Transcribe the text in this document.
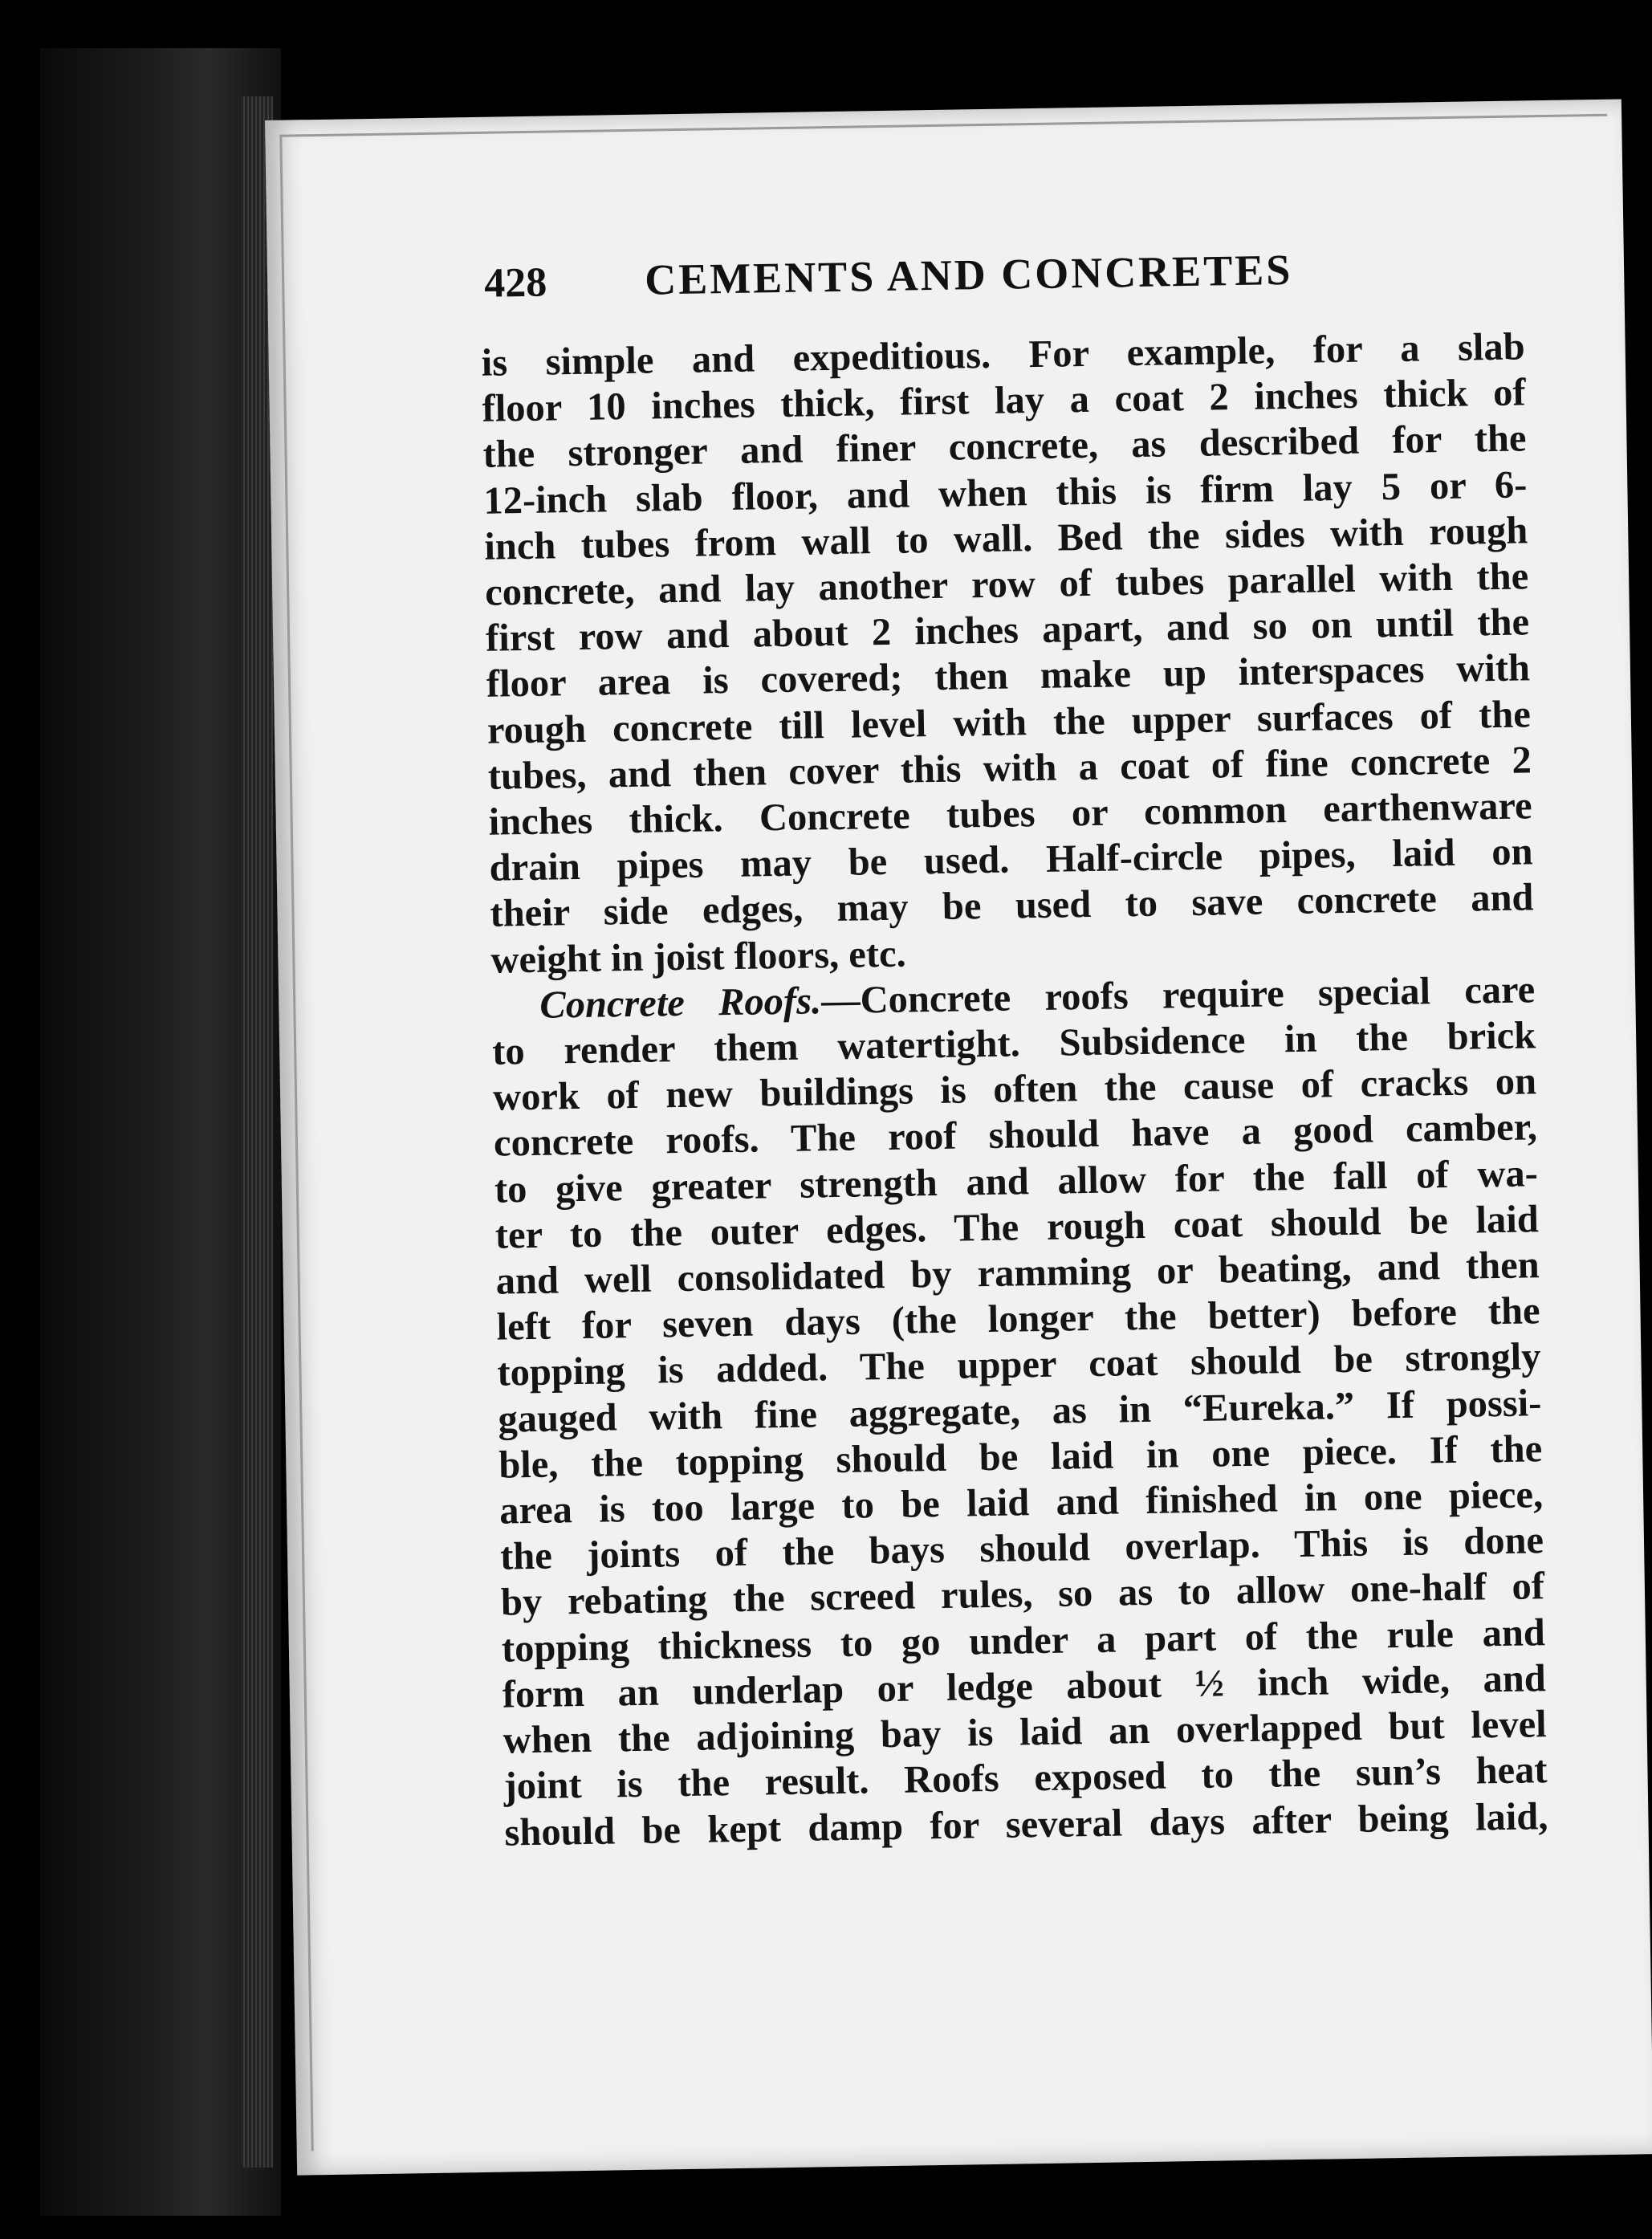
428	CEMENTS AND CONCRETES
is simple and expeditious. For example, for a slab
floor 10 inches thick, first lay a coat 2 inches thick of
the stronger and finer concrete, as described for the
12-inch slab floor, and when this is firm lay 5 or 6-
inch tubes from wall to wall. Bed the sides with rough
concrete, and lay another row of tubes parallel with the
first row and about 2 inches apart, and so on until the
floor area is covered; then make up interspaces with
rough concrete till level with the upper surfaces of the
tubes, and then cover this with a coat of fine concrete 2
inches thick. Concrete tubes or common earthenware
drain pipes may be used. Half-circle pipes, laid on
their side edges, may be used to save concrete and
weight in joist floors, etc.
Concrete Roofs.—Concrete roofs require special care
to render them watertight. Subsidence in the brick
work of new buildings is often the cause of cracks on
concrete roofs. The roof should have a good camber,
to give greater strength and allow for the fall of wa-
ter to the outer edges. The rough coat should be laid
and well consolidated by ramming or beating, and then
left for seven days (the longer the better) before the
topping is added. The upper coat should be strongly
gauged with fine aggregate, as in “Eureka.” If possi-
ble, the topping should be laid in one piece. If the
area is too large to be laid and finished in one piece,
the joints of the bays should overlap. This is done
by rebating the screed rules, so as to allow one-half of
topping thickness to go under a part of the rule and
form an underlap or ledge about ½ inch wide, and
when the adjoining bay is laid an overlapped but level
joint is the result. Roofs exposed to the sun’s heat
should be kept damp for several days after being laid,
